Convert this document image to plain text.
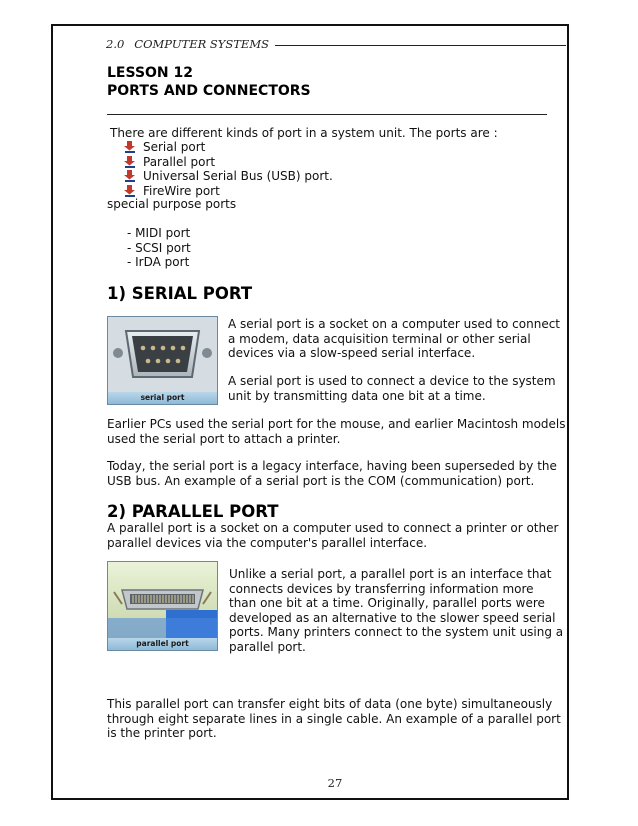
2.0 COMPUTER SYSTEMS
LESSON 12
PORTS AND CONNECTORS
There are different kinds of port in a system unit. The ports are :
Serial port
Parallel port
Universal Serial Bus (USB) port.
FireWire port
special purpose ports
- MIDI port
- SCSI port
- IrDA port
1) SERIAL PORT
serial port
A serial port is a socket on a computer used to connect a modem, data acquisition terminal or other serial devices via a slow-speed serial interface.
A serial port is used to connect a device to the system unit by transmitting data one bit at a time.
Earlier PCs used the serial port for the mouse, and earlier Macintosh models used the serial port to attach a printer.
Today, the serial port is a legacy interface, having been superseded by the USB bus. An example of a serial port is the COM (communication) port.
2) PARALLEL PORT
A parallel port is a socket on a computer used to connect a printer or other parallel devices via the computer's parallel interface.
parallel port
Unlike a serial port, a parallel port is an interface that connects devices by transferring information more than one bit at a time. Originally, parallel ports were developed as an alternative to the slower speed serial ports. Many printers connect to the system unit using a parallel port.
This parallel port can transfer eight bits of data (one byte) simultaneously through eight separate lines in a single cable. An example of a parallel port is the printer port.
27
